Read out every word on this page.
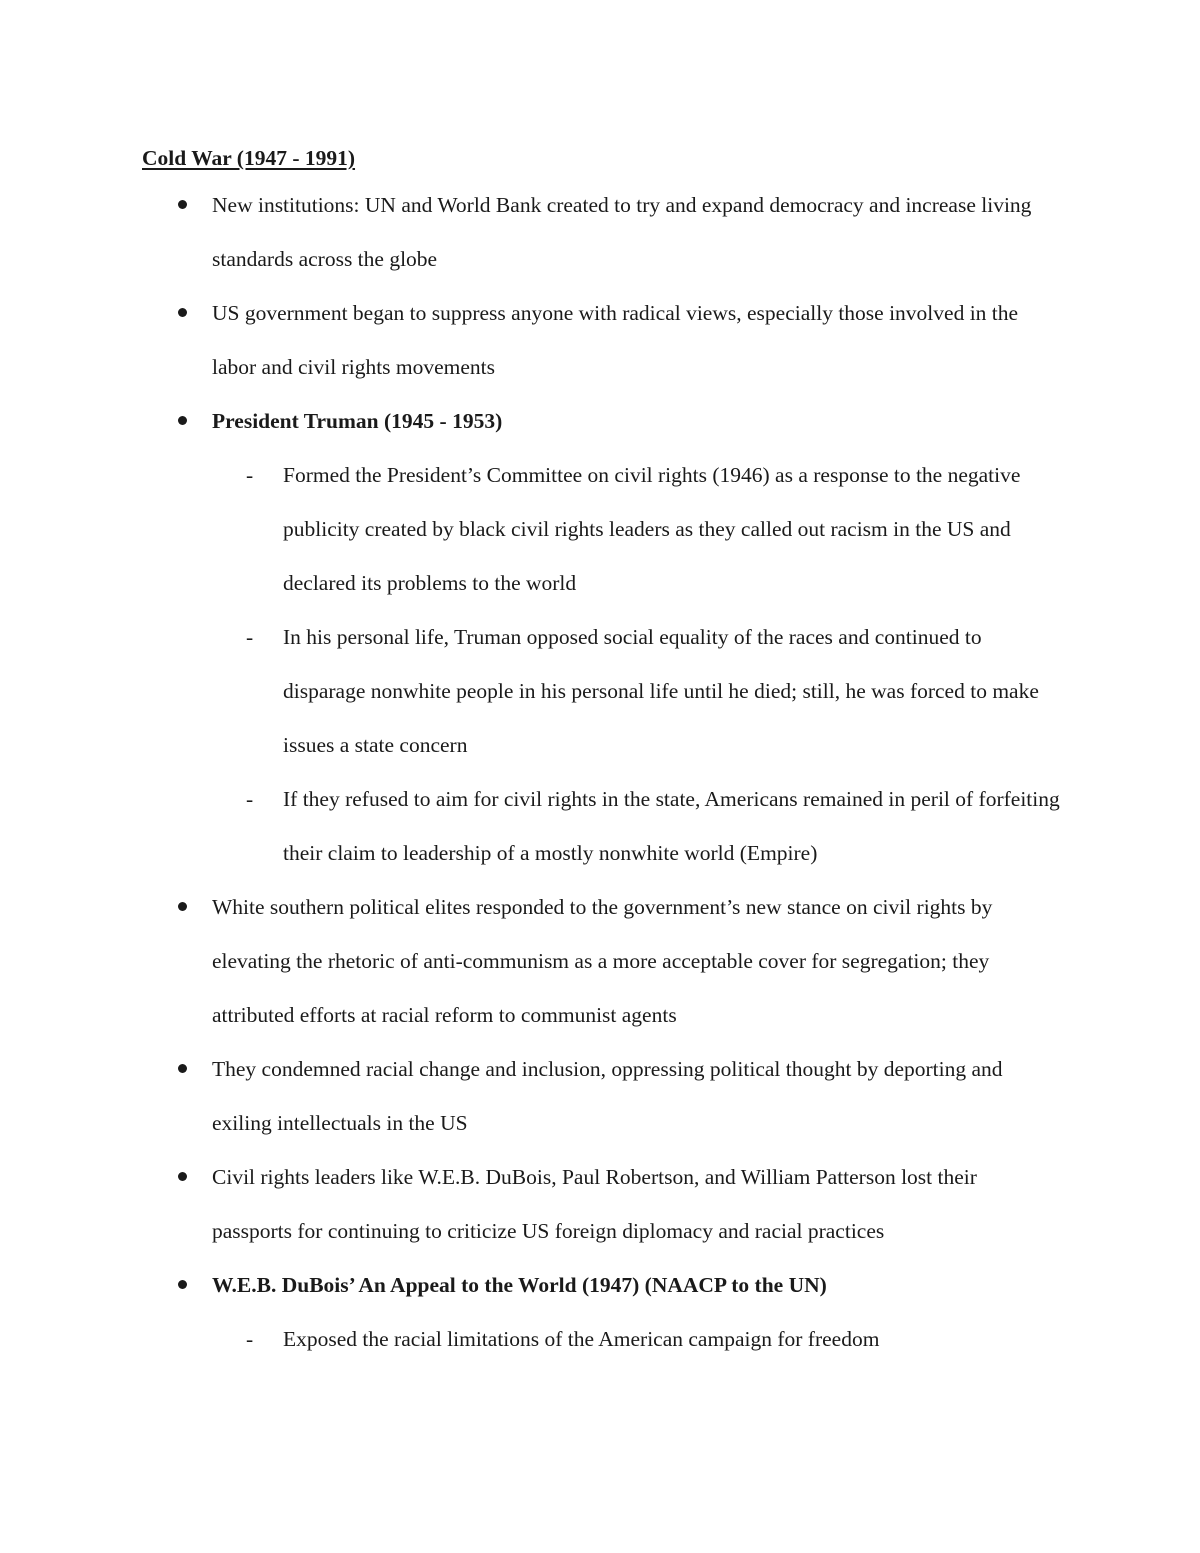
Cold War (1947 - 1991)

New institutions: UN and World Bank created to try and expand democracy and increase living standards across the globe
US government began to suppress anyone with radical views, especially those involved in the labor and civil rights movements
President Truman (1945 - 1953)
- Formed the President’s Committee on civil rights (1946) as a response to the negative publicity created by black civil rights leaders as they called out racism in the US and declared its problems to the world
- In his personal life, Truman opposed social equality of the races and continued to disparage nonwhite people in his personal life until he died; still, he was forced to make issues a state concern
- If they refused to aim for civil rights in the state, Americans remained in peril of forfeiting their claim to leadership of a mostly nonwhite world (Empire)
White southern political elites responded to the government’s new stance on civil rights by elevating the rhetoric of anti-communism as a more acceptable cover for segregation; they attributed efforts at racial reform to communist agents
They condemned racial change and inclusion, oppressing political thought by deporting and exiling intellectuals in the US
Civil rights leaders like W.E.B. DuBois, Paul Robertson, and William Patterson lost their passports for continuing to criticize US foreign diplomacy and racial practices
W.E.B. DuBois’ An Appeal to the World (1947) (NAACP to the UN)
- Exposed the racial limitations of the American campaign for freedom
